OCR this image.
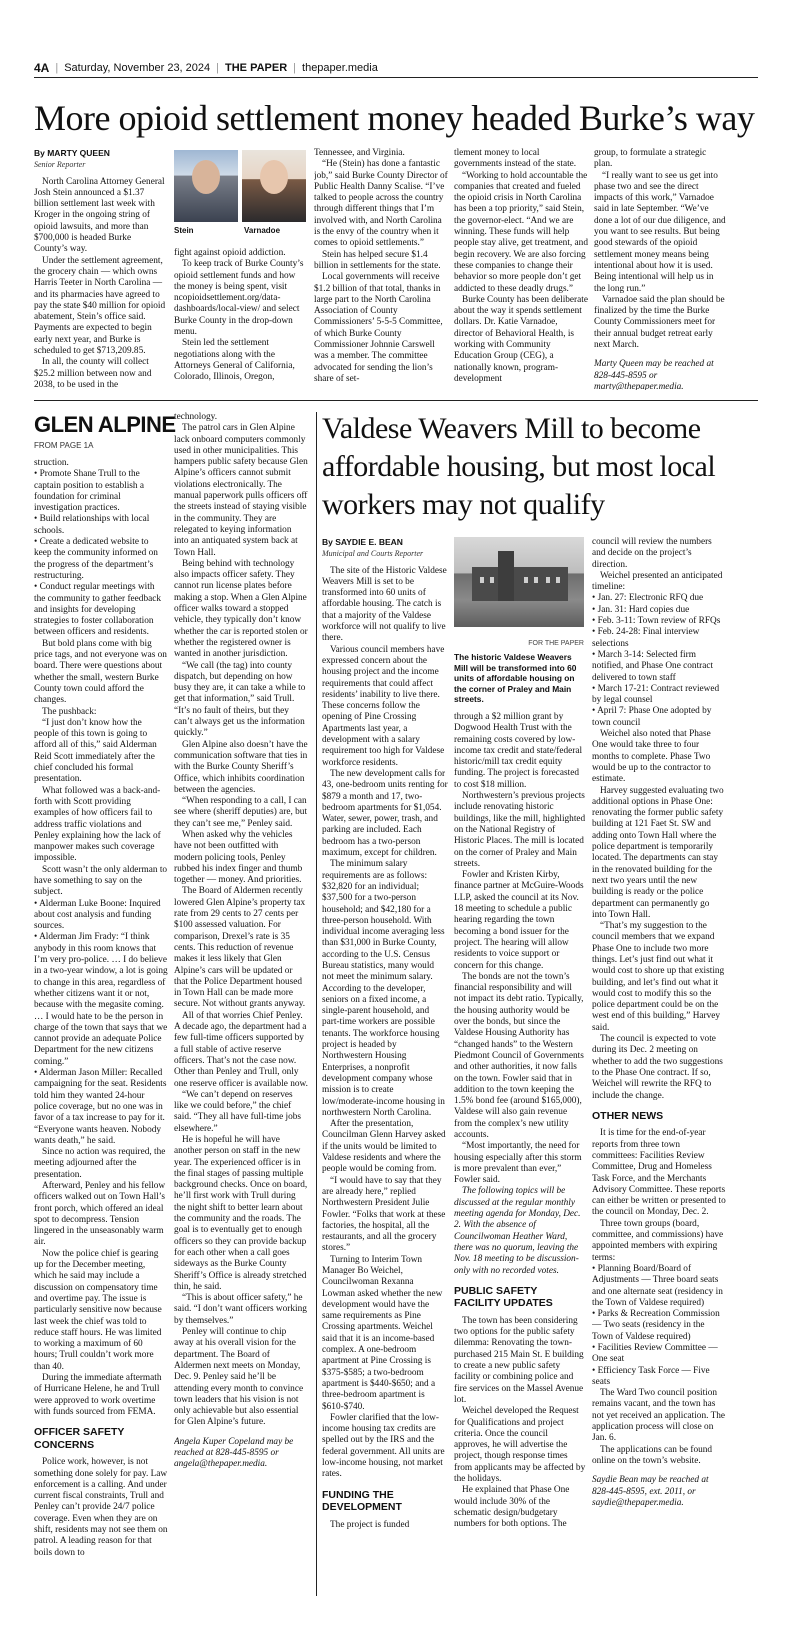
4A | Saturday, November 23, 2024 | THE PAPER | thepaper.media
More opioid settlement money headed Burke’s way
By MARTY QUEEN
Senior Reporter

North Carolina Attorney General Josh Stein announced a $1.37 billion settlement last week with Kroger in the ongoing string of opioid lawsuits, and more than $700,000 is headed Burke County’s way.

Under the settlement agreement, the grocery chain — which owns Harris Teeter in North Carolina — and its pharmacies have agreed to pay the state $40 million for opioid abatement, Stein’s office said. Payments are expected to begin early next year, and Burke is scheduled to get $713,209.85.

In all, the county will collect $25.2 million between now and 2038, to be used in the

Stein	Varnadoe

fight against opioid addiction.

To keep track of Burke County’s opioid settlement funds and how the money is being spent, visit ncopioidsettlement.org/data-dashboards/local-view/ and select Burke County in the drop-down menu.

Stein led the settlement negotiations along with the Attorneys General of California, Colorado, Illinois, Oregon,

Tennessee, and Virginia.

“He (Stein) has done a fantastic job,” said Burke County Director of Public Health Danny Scalise. “I’ve talked to people across the country through different things that I’m involved with, and North Carolina is the envy of the country when it comes to opioid settlements.”

Stein has helped secure $1.4 billion in settlements for the state.

Local governments will receive $1.2 billion of that total, thanks in large part to the North Carolina Association of County Commissioners’ 5-5-5 Committee, of which Burke County Commissioner Johnnie Carswell was a member. The committee advocated for sending the lion’s share of set-

tlement money to local governments instead of the state.

“Working to hold accountable the companies that created and fueled the opioid crisis in North Carolina has been a top priority,” said Stein, the governor-elect. “And we are winning. These funds will help people stay alive, get treatment, and begin recovery. We are also forcing these companies to change their behavior so more people don’t get addicted to these deadly drugs.”

Burke County has been deliberate about the way it spends settlement dollars. Dr. Katie Varnadoe, director of Behavioral Health, is working with Community Education Group (CEG), a nationally known, program-development

group, to formulate a strategic plan.

“I really want to see us get into phase two and see the direct impacts of this work,” Varnadoe said in late September. “We’ve done a lot of our due diligence, and you want to see results. But being good stewards of the opioid settlement money means being intentional about how it is used. Being intentional will help us in the long run.”

Varnadoe said the plan should be finalized by the time the Burke County Commissioners meet for their annual budget retreat early next March.

Marty Queen may be reached at 828-445-8595 or marty@thepaper.media.

GLEN ALPINE
FROM PAGE 1A

struction.

• Promote Shane Trull to the captain position to establish a foundation for criminal investigation practices.

• Build relationships with local schools.

• Create a dedicated website to keep the community informed on the progress of the department’s restructuring.

• Conduct regular meetings with the community to gather feedback and insights for developing strategies to foster collaboration between officers and residents.

But bold plans come with big price tags, and not everyone was on board. There were questions about whether the small, western Burke County town could afford the changes.

The pushback:

“I just don’t know how the people of this town is going to afford all of this,” said Alderman Reid Scott immediately after the chief concluded his formal presentation.

What followed was a back-and-forth with Scott providing examples of how officers fail to address traffic violations and Penley explaining how the lack of manpower makes such coverage impossible.

Scott wasn’t the only alderman to have something to say on the subject.

• Alderman Luke Boone: Inquired about cost analysis and funding sources.

• Alderman Jim Frady: “I think anybody in this room knows that I’m very pro-police. … I do believe in a two-year window, a lot is going to change in this area, regardless of whether citizens want it or not, because with the megasite coming. … I would hate to be the person in charge of the town that says that we cannot provide an adequate Police Department for the new citizens coming.”

• Alderman Jason Miller: Recalled campaigning for the seat. Residents told him they wanted 24-hour police coverage, but no one was in favor of a tax increase to pay for it. “Everyone wants heaven. Nobody wants death,” he said.

Since no action was required, the meeting adjourned after the presentation.

Afterward, Penley and his fellow officers walked out on Town Hall’s front porch, which offered an ideal spot to decompress. Tension lingered in the unseasonably warm air.

Now the police chief is gearing up for the December meeting, which he said may include a discussion on compensatory time and overtime pay. The issue is particularly sensitive now because last week the chief was told to reduce staff hours. He was limited to working a maximum of 60 hours; Trull couldn’t work more than 40.

During the immediate aftermath of Hurricane Helene, he and Trull were approved to work overtime with funds sourced from FEMA.

OFFICER SAFETY CONCERNS

Police work, however, is not something done solely for pay. Law enforcement is a calling. And under current fiscal constraints, Trull and Penley can’t provide 24/7 police coverage. Even when they are on shift, residents may not see them on patrol. A leading reason for that boils down to

technology.

The patrol cars in Glen Alpine lack onboard computers commonly used in other municipalities. This hampers public safety because Glen Alpine’s officers cannot submit violations electronically. The manual paperwork pulls officers off the streets instead of staying visible in the community. They are relegated to keying information into an antiquated system back at Town Hall.

Being behind with technology also impacts officer safety. They cannot run license plates before making a stop. When a Glen Alpine officer walks toward a stopped vehicle, they typically don’t know whether the car is reported stolen or whether the registered owner is wanted in another jurisdiction.

“We call (the tag) into county dispatch, but depending on how busy they are, it can take a while to get that information,” said Trull. “It’s no fault of theirs, but they can’t always get us the information quickly.”

Glen Alpine also doesn’t have the communication software that ties in with the Burke County Sheriff’s Office, which inhibits coordination between the agencies.

“When responding to a call, I can see where (sheriff deputies) are, but they can’t see me,” Penley said.

When asked why the vehicles have not been outfitted with modern policing tools, Penley rubbed his index finger and thumb together — money. And priorities.

The Board of Aldermen recently lowered Glen Alpine’s property tax rate from 29 cents to 27 cents per $100 assessed valuation. For comparison, Drexel’s rate is 35 cents. This reduction of revenue makes it less likely that Glen Alpine’s cars will be updated or that the Police Department housed in Town Hall can be made more secure. Not without grants anyway.

All of that worries Chief Penley. A decade ago, the department had a few full-time officers supported by a full stable of active reserve officers. That’s not the case now. Other than Penley and Trull, only one reserve officer is available now.

“We can’t depend on reserves like we could before,” the chief said. “They all have full-time jobs elsewhere.”

He is hopeful he will have another person on staff in the new year. The experienced officer is in the final stages of passing multiple background checks. Once on board, he’ll first work with Trull during the night shift to better learn about the community and the roads. The goal is to eventually get to enough officers so they can provide backup for each other when a call goes sideways as the Burke County Sheriff’s Office is already stretched thin, he said.

“This is about officer safety,” he said. “I don’t want officers working by themselves.”

Penley will continue to chip away at his overall vision for the department. The Board of Aldermen next meets on Monday, Dec. 9. Penley said he’ll be attending every month to convince town leaders that his vision is not only achievable but also essential for Glen Alpine’s future.

Angela Kuper Copeland may be reached at 828-445-8595 or angela@thepaper.media.

Valdese Weavers Mill to become affordable housing, but most local workers may not qualify
By SAYDIE E. BEAN
Municipal and Courts Reporter

The site of the Historic Valdese Weavers Mill is set to be transformed into 60 units of affordable housing. The catch is that a majority of the Valdese workforce will not qualify to live there.

Various council members have expressed concern about the housing project and the income requirements that could affect residents’ inability to live there. These concerns follow the opening of Pine Crossing Apartments last year, a development with a salary requirement too high for Valdese workforce residents.

The new development calls for 43, one-bedroom units renting for $879 a month and 17, two-bedroom apartments for $1,054. Water, sewer, power, trash, and parking are included. Each bedroom has a two-person maximum, except for children.

The minimum salary requirements are as follows: $32,820 for an individual; $37,500 for a two-person household; and $42,180 for a three-person household. With individual income averaging less than $31,000 in Burke County, according to the U.S. Census Bureau statistics, many would not meet the minimum salary. According to the developer, seniors on a fixed income, a single-parent household, and part-time workers are possible tenants. The workforce housing project is headed by Northwestern Housing Enterprises, a nonprofit development company whose mission is to create low/moderate-income housing in northwestern North Carolina.

After the presentation, Councilman Glenn Harvey asked if the units would be limited to Valdese residents and where the people would be coming from.

“I would have to say that they are already here,” replied Northwestern President Julie Fowler. “Folks that work at these factories, the hospital, all the restaurants, and all the grocery stores.”

Turning to Interim Town Manager Bo Weichel, Councilwoman Rexanna Lowman asked whether the new development would have the same requirements as Pine Crossing apartments. Weichel said that it is an income-based complex. A one-bedroom apartment at Pine Crossing is $375-$585; a two-bedroom apartment is $440-$650; and a three-bedroom apartment is $610-$740.

Fowler clarified that the low-income housing tax credits are spelled out by the IRS and the federal government. All units are low-income housing, not market rates.

FUNDING THE DEVELOPMENT

The project is funded

FOR THE PAPER
The historic Valdese Weavers Mill will be transformed into 60 units of affordable housing on the corner of Praley and Main streets.

through a $2 million grant by Dogwood Health Trust with the remaining costs covered by low-income tax credit and state/federal historic/mill tax credit equity funding. The project is forecasted to cost $18 million.

Northwestern’s previous projects include renovating historic buildings, like the mill, highlighted on the National Registry of Historic Places. The mill is located on the corner of Praley and Main streets.

Fowler and Kristen Kirby, finance partner at McGuire-Woods LLP, asked the council at its Nov. 18 meeting to schedule a public hearing regarding the town becoming a bond issuer for the project. The hearing will allow residents to voice support or concern for this change.

The bonds are not the town’s financial responsibility and will not impact its debt ratio. Typically, the housing authority would be over the bonds, but since the Valdese Housing Authority has “changed hands” to the Western Piedmont Council of Governments and other authorities, it now falls on the town. Fowler said that in addition to the town keeping the 1.5% bond fee (around $165,000), Valdese will also gain revenue from the complex’s new utility accounts.

“Most importantly, the need for housing especially after this storm is more prevalent than ever,” Fowler said.

The following topics will be discussed at the regular monthly meeting agenda for Monday, Dec. 2. With the absence of Councilwoman Heather Ward, there was no quorum, leaving the Nov. 18 meeting to be discussion-only with no recorded votes.

PUBLIC SAFETY FACILITY UPDATES

The town has been considering two options for the public safety dilemma: Renovating the town-purchased 215 Main St. E building to create a new public safety facility or combining police and fire services on the Massel Avenue lot.

Weichel developed the Request for Qualifications and project criteria. Once the council approves, he will advertise the project, though response times from applicants may be affected by the holidays.

He explained that Phase One would include 30% of the schematic design/budgetary numbers for both options. The

council will review the numbers and decide on the project’s direction.

Weichel presented an anticipated timeline:

• Jan. 27: Electronic RFQ due

• Jan. 31: Hard copies due

• Feb. 3-11: Town review of RFQs

• Feb. 24-28: Final interview selections

• March 3-14: Selected firm notified, and Phase One contract delivered to town staff

• March 17-21: Contract reviewed by legal counsel

• April 7: Phase One adopted by town council

Weichel also noted that Phase One would take three to four months to complete. Phase Two would be up to the contractor to estimate.

Harvey suggested evaluating two additional options in Phase One: renovating the former public safety building at 121 Faet St. SW and adding onto Town Hall where the police department is temporarily located. The departments can stay in the renovated building for the next two years until the new building is ready or the police department can permanently go into Town Hall.

“That’s my suggestion to the council members that we expand Phase One to include two more things. Let’s just find out what it would cost to shore up that existing building, and let’s find out what it would cost to modify this so the police department could be on the west end of this building,” Harvey said.

The council is expected to vote during its Dec. 2 meeting on whether to add the two suggestions to the Phase One contract. If so, Weichel will rewrite the RFQ to include the change.

OTHER NEWS

It is time for the end-of-year reports from three town committees: Facilities Review Committee, Drug and Homeless Task Force, and the Merchants Advisory Committee. These reports can either be written or presented to the council on Monday, Dec. 2.

Three town groups (board, committee, and commissions) have appointed members with expiring terms:

• Planning Board/Board of Adjustments — Three board seats and one alternate seat (residency in the Town of Valdese required)

• Parks & Recreation Commission — Two seats (residency in the Town of Valdese required)

• Facilities Review Committee — One seat

• Efficiency Task Force — Five seats

The Ward Two council position remains vacant, and the town has not yet received an application. The application process will close on Jan. 6.

The applications can be found online on the town’s website.

Saydie Bean may be reached at 828-445-8595, ext. 2011, or saydie@thepaper.media.
